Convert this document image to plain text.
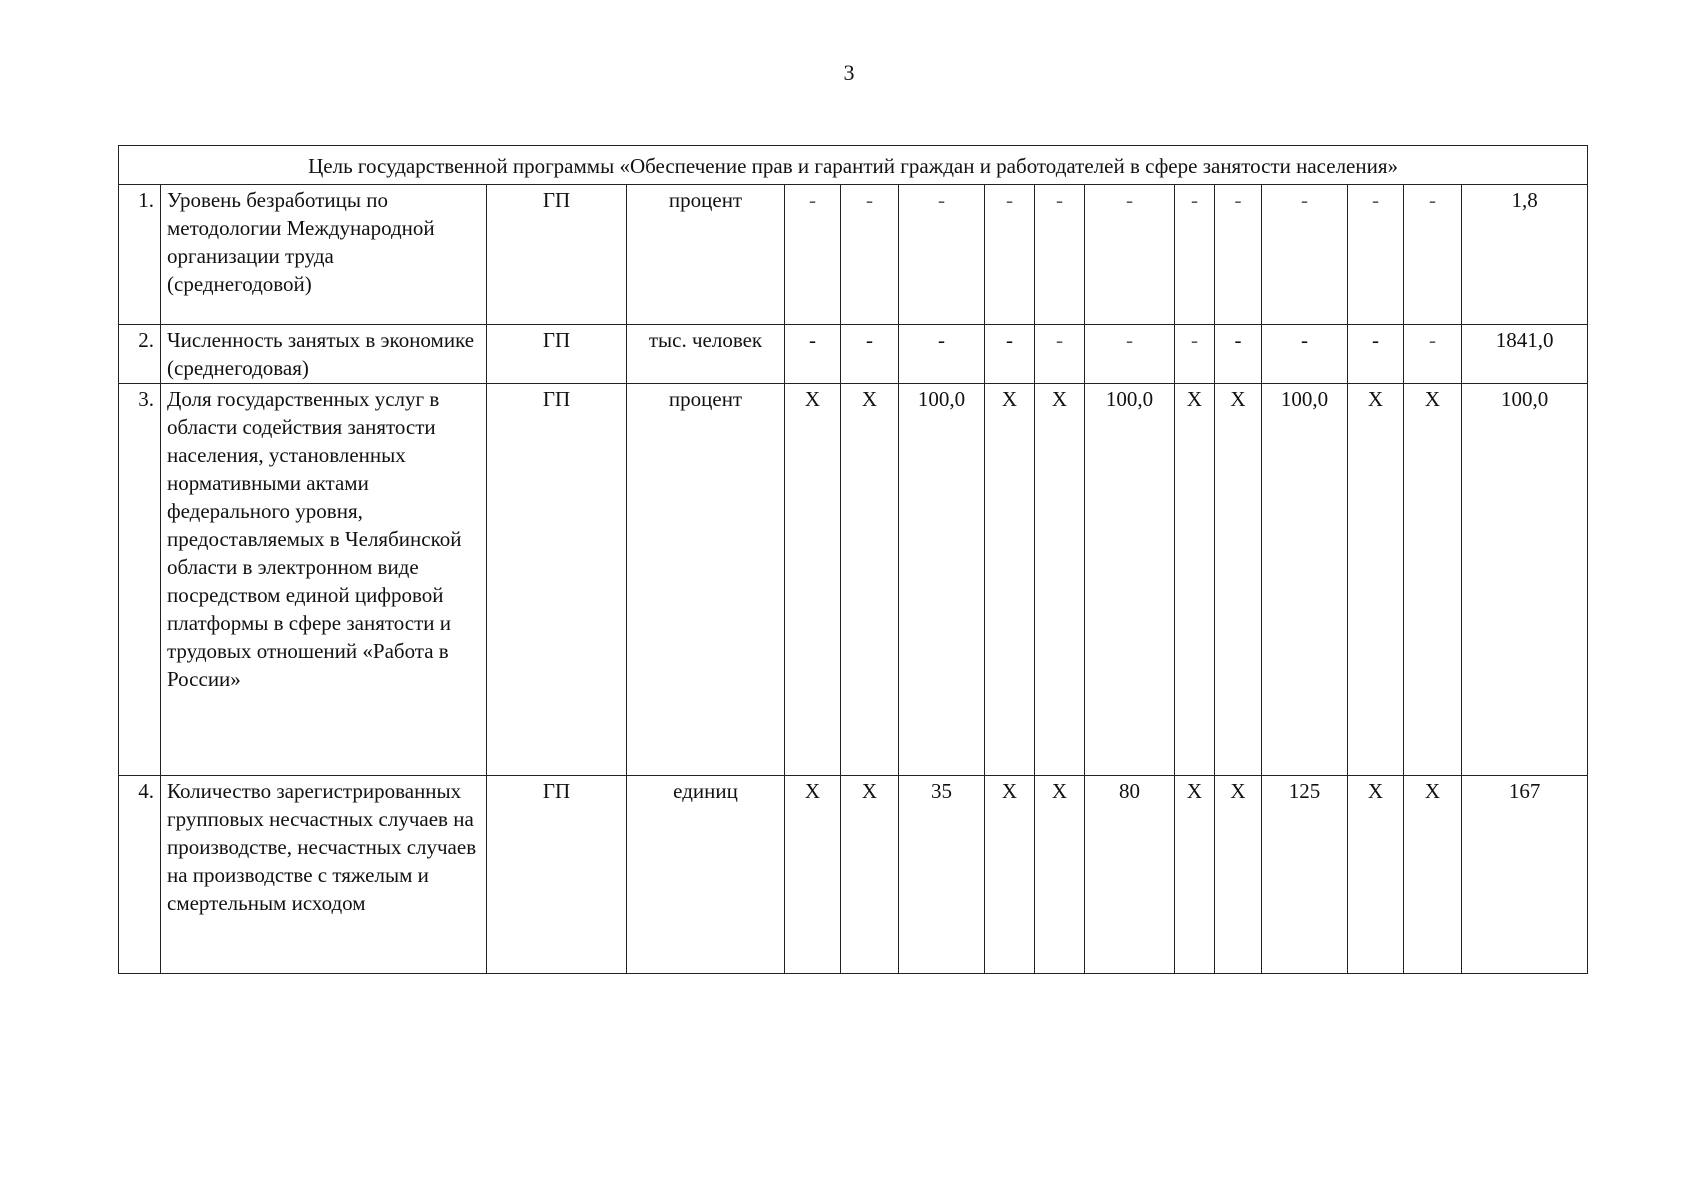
3
Цель государственной программы «Обеспечение прав и гарантий граждан и работодателей в сфере занятости населения»															
1.	Уровень безработицы по методологии Международной организации труда (среднегодовой)	ГП	процент	-	-	-	-	-	-	-	-	-	-	-	1,8
2.	Численность занятых в экономике (среднегодовая)	ГП	тыс. человек	-	-	-	-	-	-	-	-	-	-	-	1841,0
3.	Доля государственных услуг в области содействия занятости населения, установленных нормативными актами федерального уровня, предоставляемых в Челябинской области в электронном виде посредством единой цифровой платформы в сфере занятости и трудовых отношений «Работа в России»	ГП	процент	X	X	100,0	X	X	100,0	X	X	100,0	X	X	100,0
4.	Количество зарегистрированных групповых несчастных случаев на производстве, несчастных случаев на производстве с тяжелым и смертельным исходом	ГП	единиц	X	X	35	X	X	80	X	X	125	X	X	167
